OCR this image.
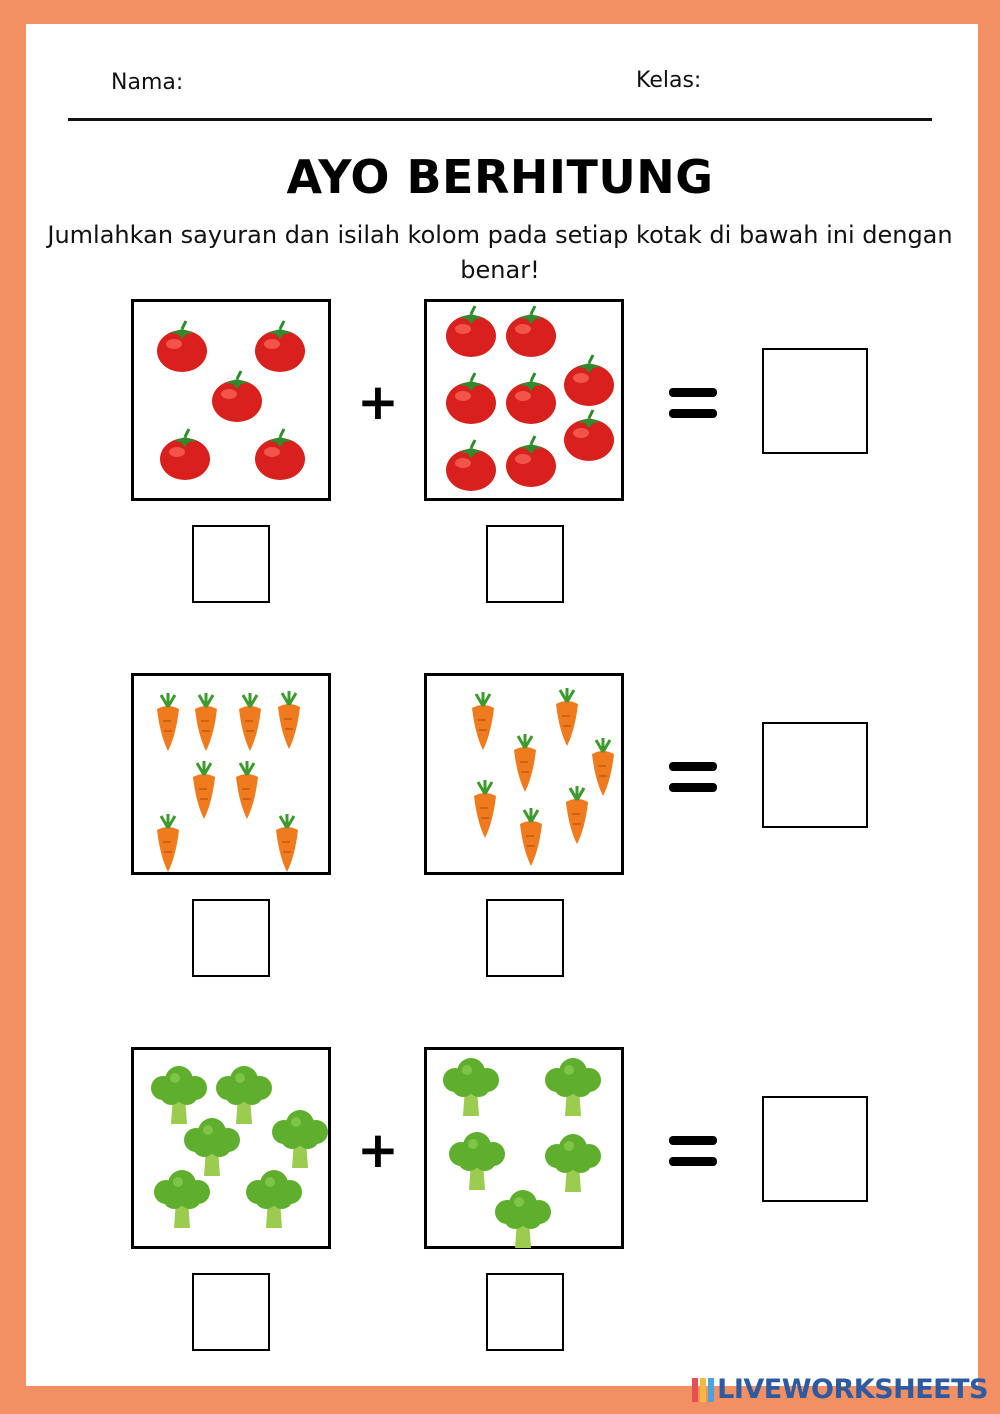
Nama:	Kelas:
AYO BERHITUNG
Jumlahkan sayuran dan isilah kolom pada setiap kotak di bawah ini dengan benar!
+
+
LIVEWORKSHEETS
